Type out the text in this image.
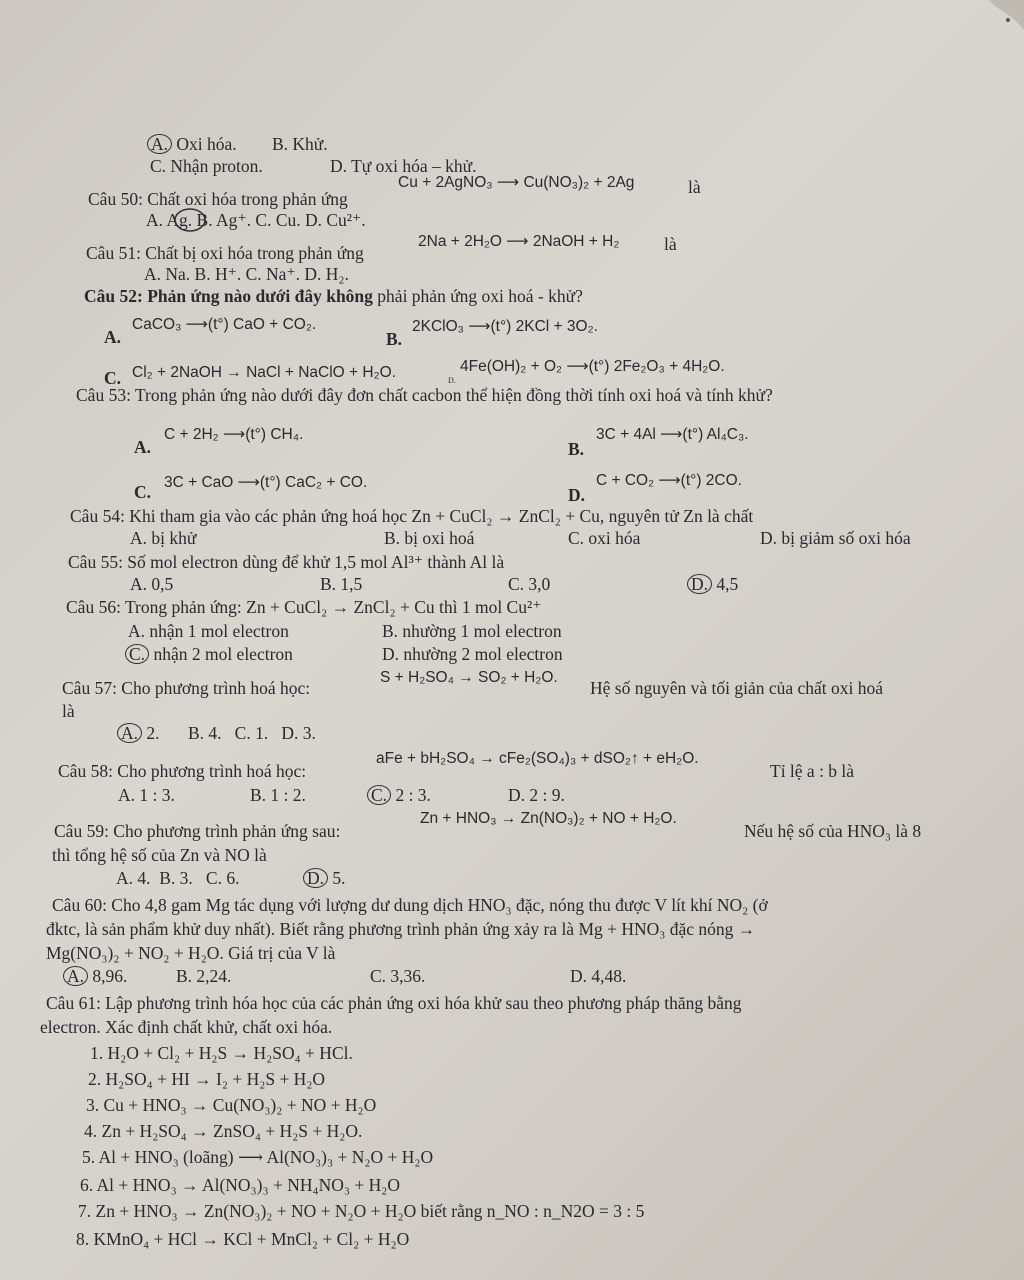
A. Oxi hóa. B. Khử.
C. Nhận proton.	D. Tự oxi hóa – khử.
Câu 50: Chất oxi hóa trong phản ứng
Cu + 2AgNO₃ ⟶ Cu(NO₃)₂ + 2Ag	là
A. Ag. B. Ag⁺. C. Cu. D. Cu²⁺.
Câu 51: Chất bị oxi hóa trong phản ứng
2Na + 2H₂O ⟶ 2NaOH + H₂	là
A. Na. B. H⁺. C. Na⁺. D. H₂.
Câu 52: Phản ứng nào dưới đây không phải phản ứng oxi hoá - khử?
A.
CaCO₃ ⟶(t°) CaO + CO₂.
B.
2KClO₃ ⟶(t°) 2KCl + 3O₂.
C. Cl₂ + 2NaOH → NaCl + NaClO + H₂O.	D.
4Fe(OH)₂ + O₂ ⟶(t°) 2Fe₂O₃ + 4H₂O.
Câu 53: Trong phản ứng nào dưới đây đơn chất cacbon thể hiện đồng thời tính oxi hoá và tính khử?
A.
C + 2H₂ ⟶(t°) CH₄.
B.
3C + 4Al ⟶(t°) Al₄C₃.
C. 3C + CaO ⟶(t°) CaC₂ + CO.
D.
C + CO₂ ⟶(t°) 2CO.
Câu 54: Khi tham gia vào các phản ứng hoá học Zn + CuCl₂ → ZnCl₂ + Cu, nguyên tử Zn là chất
A. bị khử	B. bị oxi hoá	C. oxi hóa	D. bị giảm số oxi hóa
Câu 55: Số mol electron dùng để khử 1,5 mol Al³⁺ thành Al là
A. 0,5	B. 1,5	C. 3,0	D. 4,5
Câu 56: Trong phản ứng: Zn + CuCl₂ → ZnCl₂ + Cu thì 1 mol Cu²⁺
A. nhận 1 mol electron	B. nhường 1 mol electron
C. nhận 2 mol electron	D. nhường 2 mol electron
Câu 57: Cho phương trình hoá học:
S + H₂SO₄ → SO₂ + H₂O.
Hệ số nguyên và tối giản của chất oxi hoá
là
A. 2. B. 4.   C. 1.   D. 3.
Câu 58: Cho phương trình hoá học:
aFe + bH₂SO₄ → cFe₂(SO₄)₃ + dSO₂↑ + eH₂O.
Tỉ lệ a : b là
A. 1 : 3.	B. 1 : 2.	C. 2 : 3.	D. 2 : 9.
Câu 59: Cho phương trình phản ứng sau:
Zn + HNO₃ → Zn(NO₃)₂ + NO + H₂O.
Nếu hệ số của HNO₃ là 8
thì tổng hệ số của Zn và NO là
A. 4.  B. 3.   C. 6.	D. 5.
Câu 60: Cho 4,8 gam Mg tác dụng với lượng dư dung dịch HNO₃ đặc, nóng thu được V lít khí NO₂ (ở
đktc, là sản phẩm khử duy nhất). Biết rằng phương trình phản ứng xảy ra là Mg + HNO₃ đặc nóng →
Mg(NO₃)₂ + NO₂ + H₂O. Giá trị của V là
A. 8,96.	B. 2,24.	C. 3,36.	D. 4,48.
Câu 61: Lập phương trình hóa học của các phản ứng oxi hóa khử sau theo phương pháp thăng bằng
electron. Xác định chất khử, chất oxi hóa.
1. H₂O + Cl₂ + H₂S → H₂SO₄ + HCl.
2. H₂SO₄ + HI → I₂ + H₂S + H₂O
3. Cu + HNO₃ → Cu(NO₃)₂ + NO + H₂O
4. Zn + H₂SO₄ → ZnSO₄ + H₂S + H₂O.
5. Al + HNO₃ (loãng) ⟶ Al(NO₃)₃ + N₂O + H₂O
6. Al + HNO₃ → Al(NO₃)₃ + NH₄NO₃ + H₂O
7. Zn + HNO₃ → Zn(NO₃)₂ + NO + N₂O + H₂O biết rằng n_NO : n_N2O = 3 : 5
8. KMnO₄ + HCl → KCl + MnCl₂ + Cl₂ + H₂O
